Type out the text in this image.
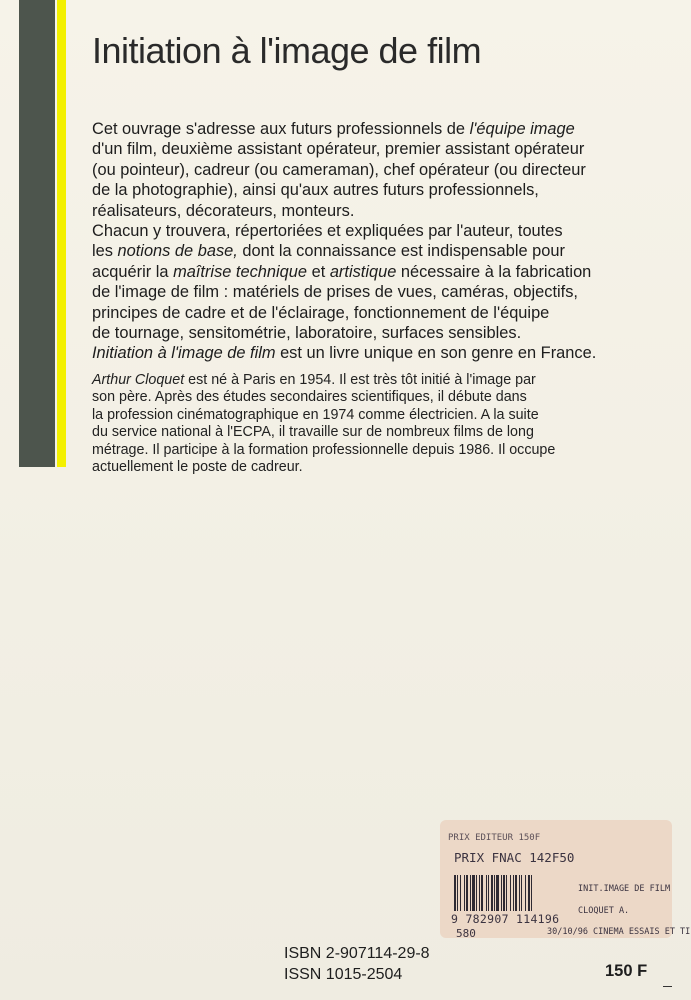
Initiation à l'image de film
Cet ouvrage s'adresse aux futurs professionnels de l'équipe image
d'un film, deuxième assistant opérateur, premier assistant opérateur
(ou pointeur), cadreur (ou cameraman), chef opérateur (ou directeur
de la photographie), ainsi qu'aux autres futurs professionnels,
réalisateurs, décorateurs, monteurs.
Chacun y trouvera, répertoriées et expliquées par l'auteur, toutes
les notions de base, dont la connaissance est indispensable pour
acquérir la maîtrise technique et artistique nécessaire à la fabrication
de l'image de film : matériels de prises de vues, caméras, objectifs,
principes de cadre et de l'éclairage, fonctionnement de l'équipe
de tournage, sensitométrie, laboratoire, surfaces sensibles.
Initiation à l'image de film est un livre unique en son genre en France.
Arthur Cloquet est né à Paris en 1954. Il est très tôt initié à l'image par
son père. Après des études secondaires scientifiques, il débute dans
la profession cinématographique en 1974 comme électricien. A la suite
du service national à l'ECPA, il travaille sur de nombreux films de long
métrage. Il participe à la formation professionnelle depuis 1986. Il occupe
actuellement le poste de cadreur.
PRIX EDITEUR 150F
PRIX FNAC 142F50
9 782907 114196
580
INIT.IMAGE DE FILM
CLOQUET A.
30/10/96 CINEMA ESSAIS ET TI
ISBN 2-907114-29-8
ISSN 1015-2504	150 F
